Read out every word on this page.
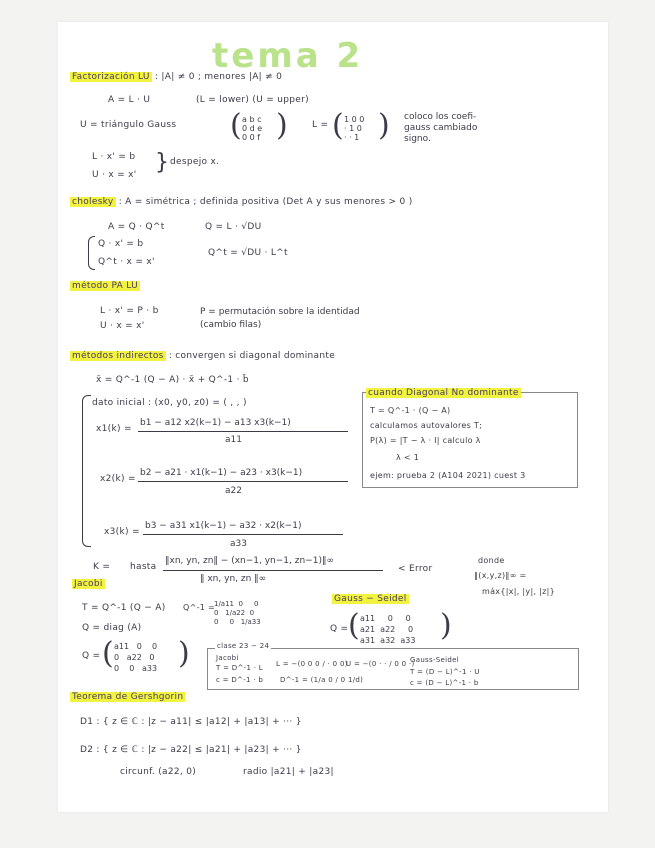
tema 2
Factorización LU : |A| ≠ 0 ; menores |A| ≠ 0
A = L · U	(L = lower) (U = upper)
U = triángulo Gauss ( a b c
0 d e
0 0 f )	L = ( 1 0 0
· 1 0
· · 1 ) coloco los coefi-
gauss cambiado
signo.
L · x' = b
U · x = x' } despejo x.
cholesky : A = simétrica ; definida positiva (Det A y sus menores > 0 )
A = Q · Q^t	Q = L · √DU
Q · x' = b
Q^t · x = x'
Q^t = √DU · L^t
método PA LU
L · x' = P · b
U · x = x'
P = permutación sobre la identidad
(cambio filas)
métodos indirectos : convergen si diagonal dominante
x̄ = Q^-1 (Q − A) · x̄ + Q^-1 · b̄
dato inicial : (x0, y0, z0) = ( , , )
x1(k) =
b1 − a12 x2(k−1) − a13 x3(k−1)
a11
x2(k) =
b2 − a21 · x1(k−1) − a23 · x3(k−1)
a22
x3(k) =
b3 − a31 x1(k−1) − a32 · x2(k−1)
a33
cuando Diagonal No dominante
T = Q^-1 · (Q − A)
calculamos autovalores T;
P(λ) = |T − λ · I| calculo λ
λ < 1
ejem: prueba 2 (A104 2021) cuest 3
K = hasta
‖xn, yn, zn‖ − (xn−1, yn−1, zn−1)‖∞
‖ xn, yn, zn ‖∞
< Error
donde
‖(x,y,z)‖∞ =
máx{|x|, |y|, |z|}
Jacobi
T = Q^-1 (Q − A) Q^-1 =
1/a11  0     0
0   1/a22  0
0     0   1/a33
Q = diag (A)
Q = ( a11   0    0
0   a22   0
0    0   a33 )
Gauss − Seidel
Q = ( a11     0     0
a21  a22     0
a31  a32  a33 )
clase 23 − 24
Jacobi
T = D^-1 · L
c = D^-1 · b
L = −(0 0 0 / · 0 0)
U = −(0 · · / 0 0 ·)
D^-1 = (1/a 0 / 0 1/d)
Gauss-Seidel
T = (D − L)^-1 · U
c = (D − L)^-1 · b
Teorema de Gershgorin
D1 : { z ∈ ℂ : |z − a11| ≤ |a12| + |a13| + ··· }
D2 : { z ∈ ℂ : |z − a22| ≤ |a21| + |a23| + ··· }
circunf. (a22, 0)	radio |a21| + |a23|
